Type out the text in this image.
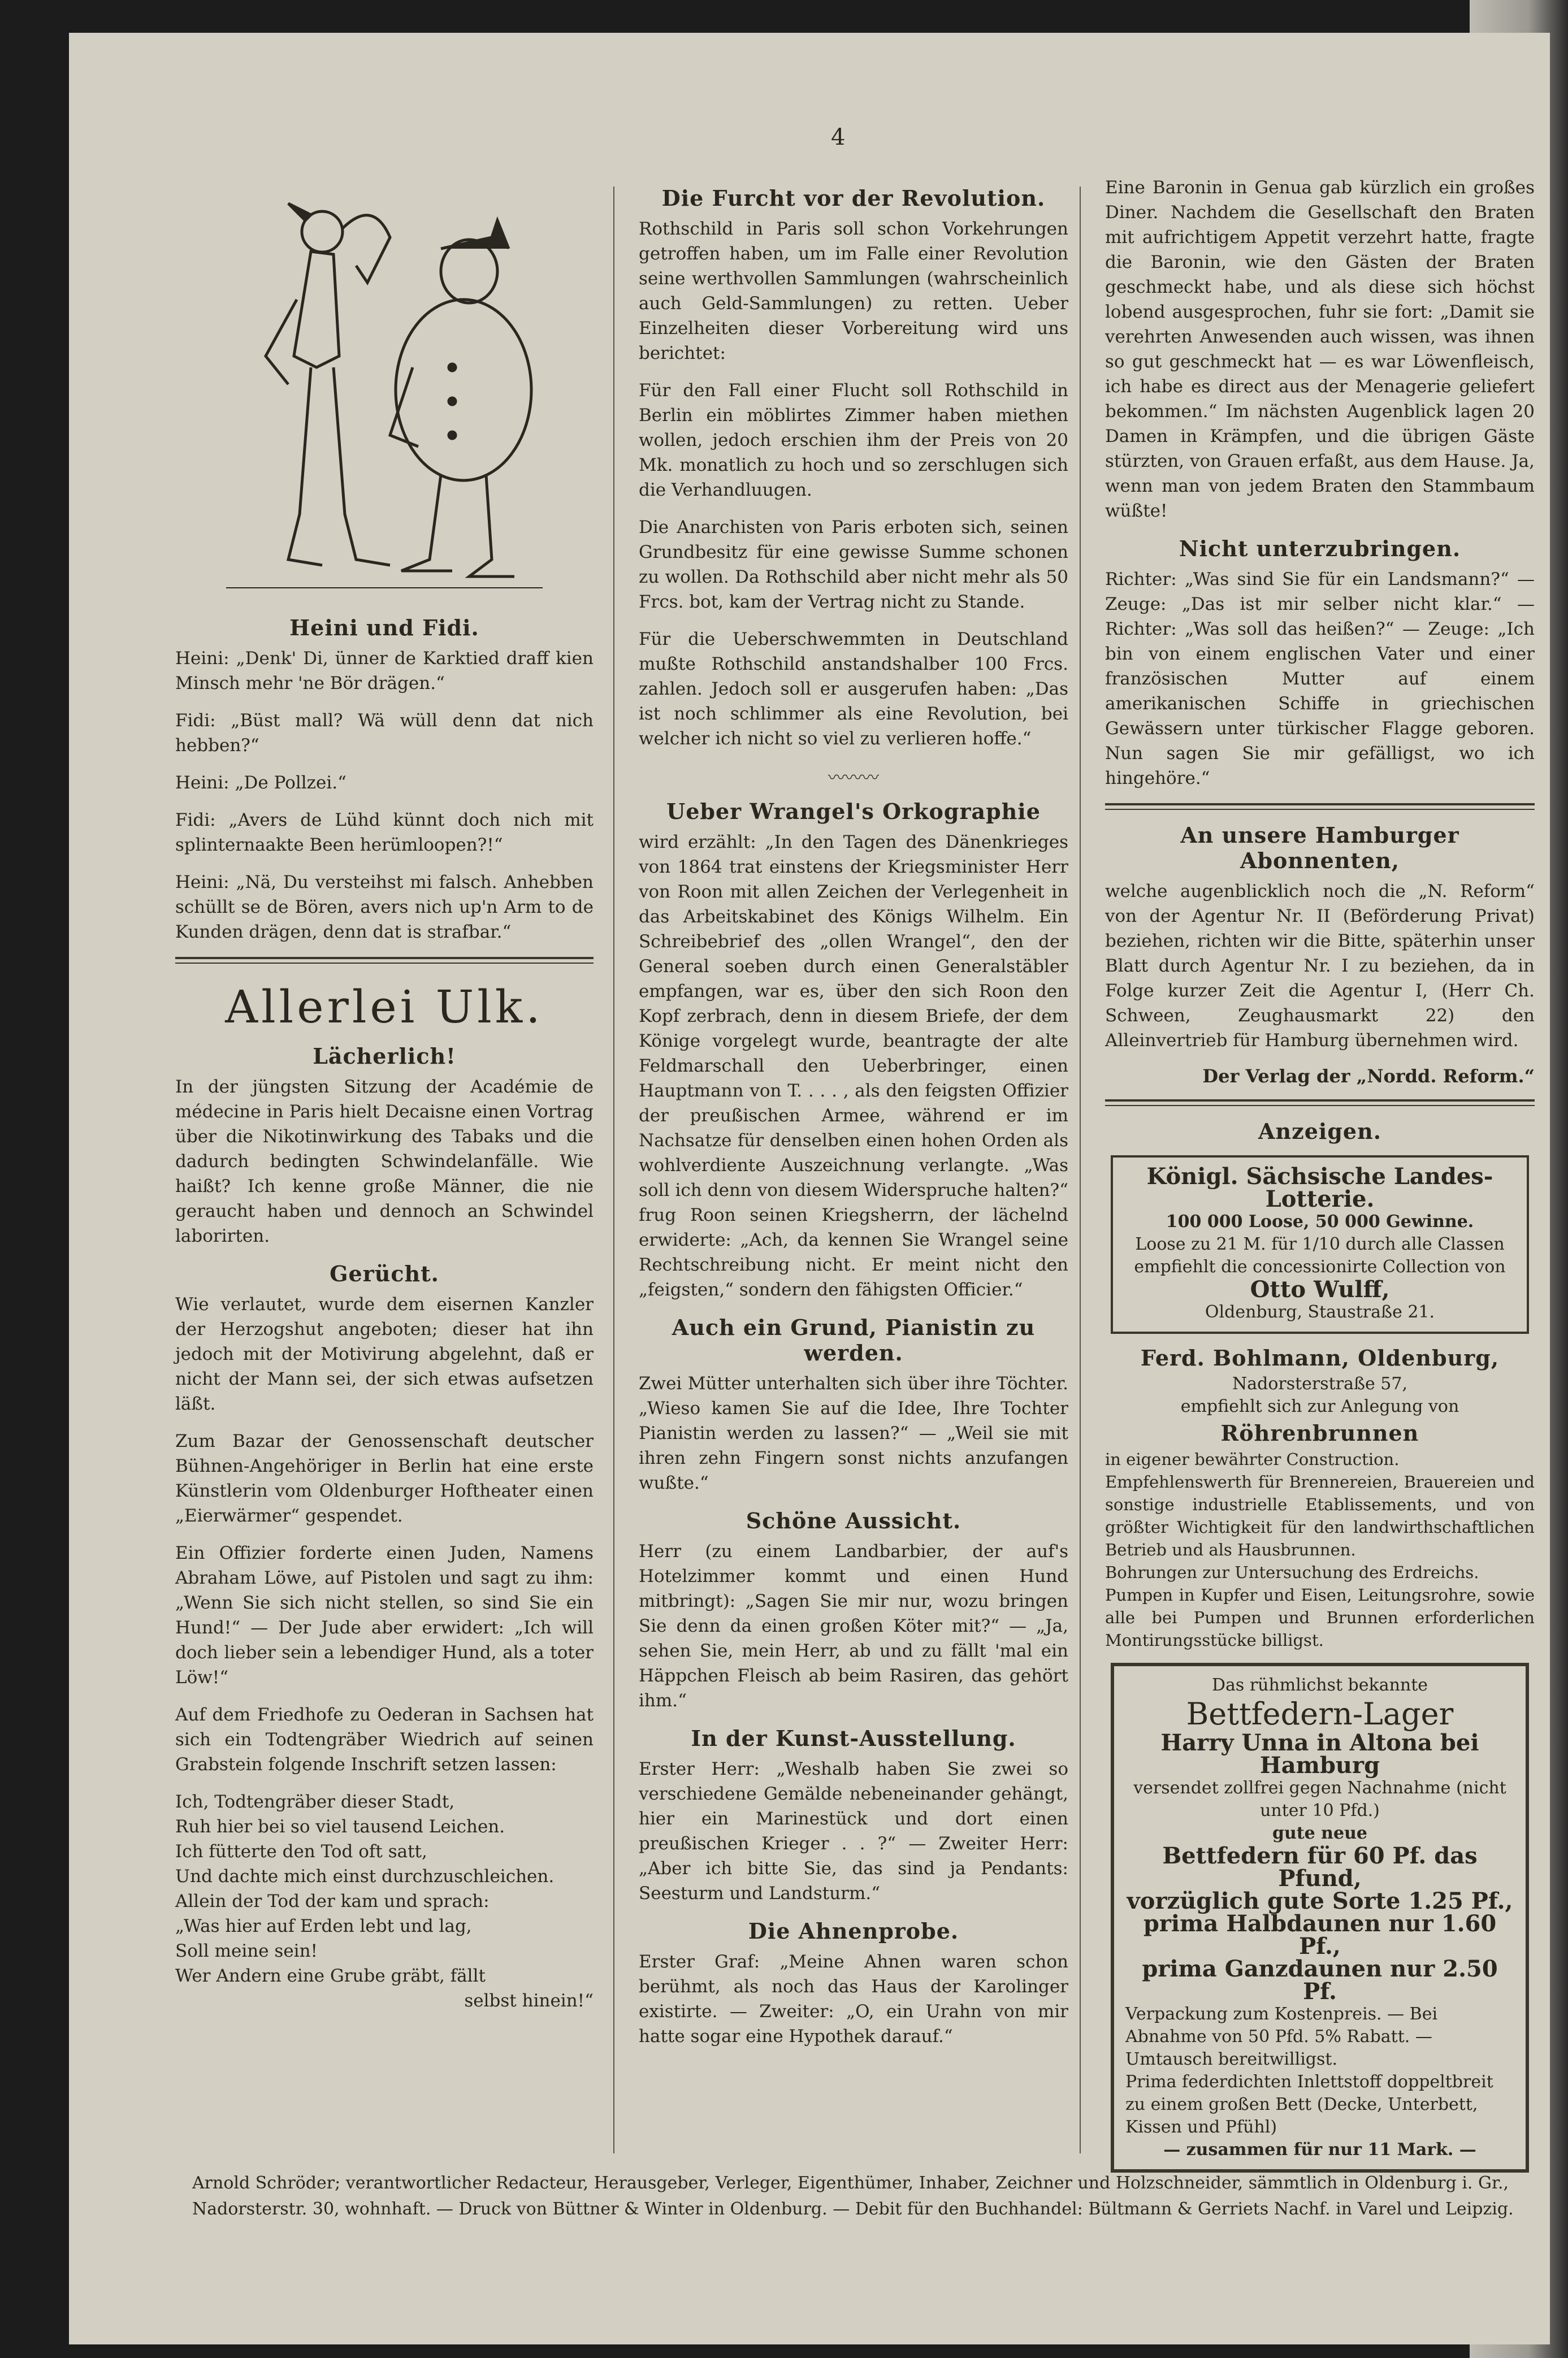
4
Heini und Fidi.

Heini: „Denk' Di, ünner de Karktied draff kien Minsch mehr 'ne Bör drägen.“

Fidi: „Büst mall? Wä wüll denn dat nich hebben?“

Heini: „De Pollzei.“

Fidi: „Avers de Lühd künnt doch nich mit splinternaakte Been herümloopen?!“

Heini: „Nä, Du versteihst mi falsch. Anhebben schüllt se de Bören, avers nich up'n Arm to de Kunden drägen, denn dat is strafbar.“

Allerlei Ulk.
Lächerlich!

In der jüngsten Sitzung der Académie de médecine in Paris hielt Decaisne einen Vortrag über die Nikotinwirkung des Tabaks und die dadurch bedingten Schwindelanfälle. Wie haißt? Ich kenne große Männer, die nie geraucht haben und dennoch an Schwindel laborirten.

Gerücht.

Wie verlautet, wurde dem eisernen Kanzler der Herzogshut angeboten; dieser hat ihn jedoch mit der Motivirung abgelehnt, daß er nicht der Mann sei, der sich etwas aufsetzen läßt.

Zum Bazar der Genossenschaft deutscher Bühnen-Angehöriger in Berlin hat eine erste Künstlerin vom Oldenburger Hoftheater einen „Eierwärmer“ gespendet.

Ein Offizier forderte einen Juden, Namens Abraham Löwe, auf Pistolen und sagt zu ihm: „Wenn Sie sich nicht stellen, so sind Sie ein Hund!“ — Der Jude aber erwidert: „Ich will doch lieber sein a lebendiger Hund, als a toter Löw!“

Auf dem Friedhofe zu Oederan in Sachsen hat sich ein Todtengräber Wiedrich auf seinen Grabstein folgende Inschrift setzen lassen:

Ich, Todtengräber dieser Stadt,
Ruh hier bei so viel tausend Leichen.
Ich fütterte den Tod oft satt,
Und dachte mich einst durchzuschleichen.
Allein der Tod der kam und sprach:
„Was hier auf Erden lebt und lag,
Soll meine sein!
Wer Andern eine Grube gräbt, fällt
selbst hinein!“
Die Furcht vor der Revolution.

Rothschild in Paris soll schon Vorkehrungen getroffen haben, um im Falle einer Revolution seine werthvollen Sammlungen (wahrscheinlich auch Geld-Sammlungen) zu retten. Ueber Einzelheiten dieser Vorbereitung wird uns berichtet:

Für den Fall einer Flucht soll Rothschild in Berlin ein möblirtes Zimmer haben miethen wollen, jedoch erschien ihm der Preis von 20 Mk. monatlich zu hoch und so zerschlugen sich die Verhandluugen.

Die Anarchisten von Paris erboten sich, seinen Grundbesitz für eine gewisse Summe schonen zu wollen. Da Rothschild aber nicht mehr als 50 Frcs. bot, kam der Vertrag nicht zu Stande.

Für die Ueberschwemmten in Deutschland mußte Rothschild anstandshalber 100 Frcs. zahlen. Jedoch soll er ausgerufen haben: „Das ist noch schlimmer als eine Revolution, bei welcher ich nicht so viel zu verlieren hoffe.“

〰〰〰
Ueber Wrangel's Orkographie

wird erzählt: „In den Tagen des Dänenkrieges von 1864 trat einstens der Kriegsminister Herr von Roon mit allen Zeichen der Verlegenheit in das Arbeitskabinet des Königs Wilhelm. Ein Schreibebrief des „ollen Wrangel“, den der General soeben durch einen Generalstäbler empfangen, war es, über den sich Roon den Kopf zerbrach, denn in diesem Briefe, der dem Könige vorgelegt wurde, beantragte der alte Feldmarschall den Ueberbringer, einen Hauptmann von T. . . . , als den feigsten Offizier der preußischen Armee, während er im Nachsatze für denselben einen hohen Orden als wohlverdiente Auszeichnung verlangte. „Was soll ich denn von diesem Widerspruche halten?“ frug Roon seinen Kriegsherrn, der lächelnd erwiderte: „Ach, da kennen Sie Wrangel seine Rechtschreibung nicht. Er meint nicht den „feigsten,“ sondern den fähigsten Officier.“

Auch ein Grund, Pianistin zu werden.

Zwei Mütter unterhalten sich über ihre Töchter. „Wieso kamen Sie auf die Idee, Ihre Tochter Pianistin werden zu lassen?“ — „Weil sie mit ihren zehn Fingern sonst nichts anzufangen wußte.“

Schöne Aussicht.

Herr (zu einem Landbarbier, der auf's Hotelzimmer kommt und einen Hund mitbringt): „Sagen Sie mir nur, wozu bringen Sie denn da einen großen Köter mit?“ — „Ja, sehen Sie, mein Herr, ab und zu fällt 'mal ein Häppchen Fleisch ab beim Rasiren, das gehört ihm.“

In der Kunst-Ausstellung.

Erster Herr: „Weshalb haben Sie zwei so verschiedene Gemälde nebeneinander gehängt, hier ein Marinestück und dort einen preußischen Krieger . . ?“ — Zweiter Herr: „Aber ich bitte Sie, das sind ja Pendants: Seesturm und Landsturm.“

Die Ahnenprobe.

Erster Graf: „Meine Ahnen waren schon berühmt, als noch das Haus der Karolinger existirte. — Zweiter: „O, ein Urahn von mir hatte sogar eine Hypothek darauf.“

Eine Baronin in Genua gab kürzlich ein großes Diner. Nachdem die Gesellschaft den Braten mit aufrichtigem Appetit verzehrt hatte, fragte die Baronin, wie den Gästen der Braten geschmeckt habe, und als diese sich höchst lobend ausgesprochen, fuhr sie fort: „Damit sie verehrten Anwesenden auch wissen, was ihnen so gut geschmeckt hat — es war Löwenfleisch, ich habe es direct aus der Menagerie geliefert bekommen.“ Im nächsten Augenblick lagen 20 Damen in Krämpfen, und die übrigen Gäste stürzten, von Grauen erfaßt, aus dem Hause. Ja, wenn man von jedem Braten den Stammbaum wüßte!

Nicht unterzubringen.

Richter: „Was sind Sie für ein Landsmann?“ — Zeuge: „Das ist mir selber nicht klar.“ — Richter: „Was soll das heißen?“ — Zeuge: „Ich bin von einem englischen Vater und einer französischen Mutter auf einem amerikanischen Schiffe in griechischen Gewässern unter türkischer Flagge geboren. Nun sagen Sie mir gefälligst, wo ich hingehöre.“

An unsere Hamburger Abonnenten,

welche augenblicklich noch die „N. Reform“ von der Agentur Nr. II (Beförderung Privat) beziehen, richten wir die Bitte, späterhin unser Blatt durch Agentur Nr. I zu beziehen, da in Folge kurzer Zeit die Agentur I, (Herr Ch. Schween, Zeughausmarkt 22) den Alleinvertrieb für Hamburg übernehmen wird.

Der Verlag der „Nordd. Reform.“
Anzeigen.
Königl. Sächsische Landes-Lotterie.
100 000 Loose, 50 000 Gewinne.
Loose zu 21 M. für 1/10 durch alle Classen
empfiehlt die concessionirte Collection von
Otto Wulff,
Oldenburg, Staustraße 21.
Ferd. Bohlmann, Oldenburg,
Nadorsterstraße 57,
empfiehlt sich zur Anlegung von
Röhrenbrunnen
in eigener bewährter Construction.
Empfehlenswerth für Brennereien, Brauereien und sonstige industrielle Etablissements, und von größter Wichtigkeit für den landwirthschaftlichen Betrieb und als Hausbrunnen.
Bohrungen zur Untersuchung des Erdreichs.
Pumpen in Kupfer und Eisen, Leitungsrohre, sowie alle bei Pumpen und Brunnen erforderlichen Montirungsstücke billigst.
Das rühmlichst bekannte
Bettfedern-Lager
Harry Unna in Altona bei Hamburg
versendet zollfrei gegen Nachnahme (nicht unter 10 Pfd.)
gute neue
Bettfedern für 60 Pf. das Pfund,
vorzüglich gute Sorte 1.25 Pf.,
prima Halbdaunen nur 1.60 Pf.,
prima Ganzdaunen nur 2.50 Pf.
Verpackung zum Kostenpreis. — Bei Abnahme von 50 Pfd. 5% Rabatt. — Umtausch bereitwilligst.
Prima federdichten Inlettstoff doppeltbreit zu einem großen Bett (Decke, Unterbett, Kissen und Pfühl)
— zusammen für nur 11 Mark. —
Arnold Schröder; verantwortlicher Redacteur, Herausgeber, Verleger, Eigenthümer, Inhaber, Zeichner und Holzschneider, sämmtlich in Oldenburg i. Gr., Nadorsterstr. 30, wohnhaft. — Druck von Büttner & Winter in Oldenburg. — Debit für den Buchhandel: Bültmann & Gerriets Nachf. in Varel und Leipzig.
